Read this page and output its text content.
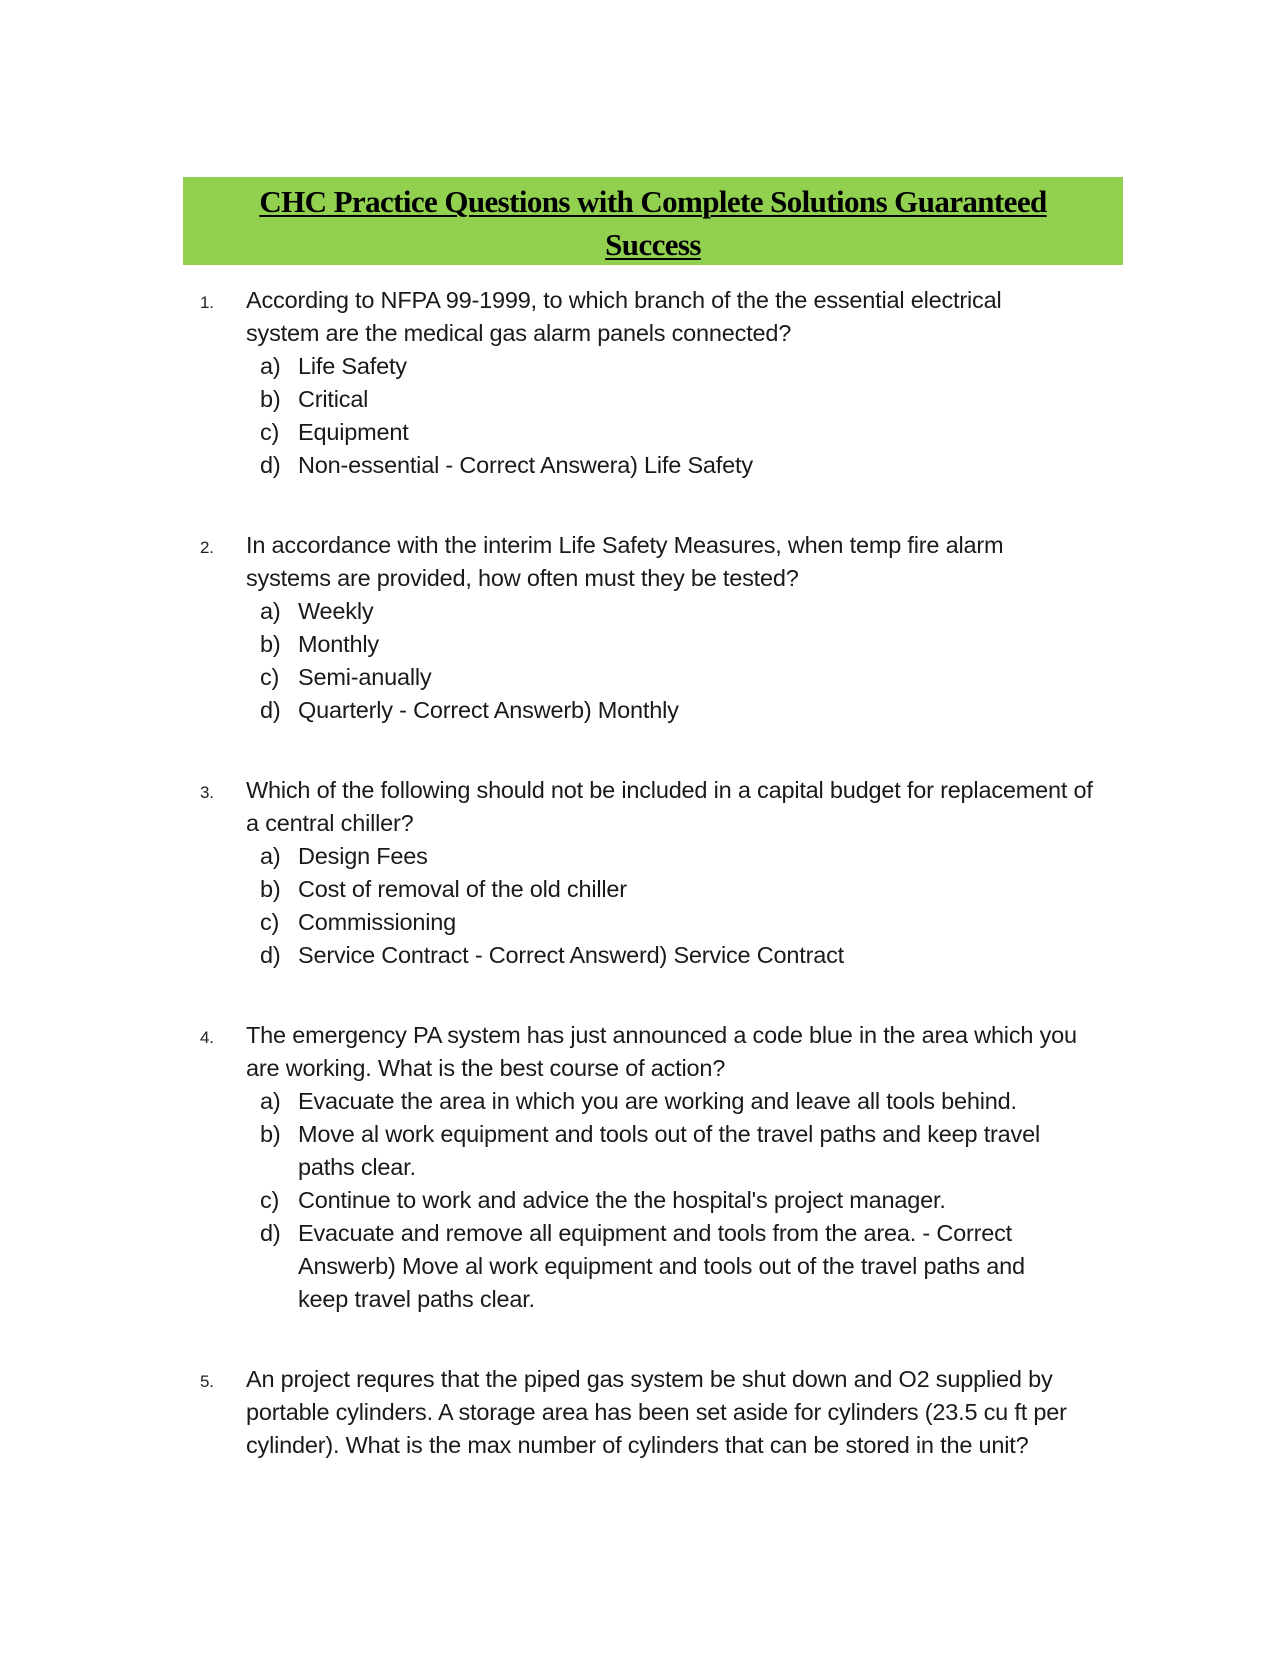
CHC Practice Questions with Complete Solutions Guaranteed
Success
1.	According to NFPA 99-1999, to which branch of the the essential electrical system are the medical gas alarm panels connected?
a) Life Safety
b) Critical
c) Equipment
d) Non-essential - Correct Answera) Life Safety
2.	In accordance with the interim Life Safety Measures, when temp fire alarm systems are provided, how often must they be tested?
a) Weekly
b) Monthly
c) Semi-anually
d) Quarterly - Correct Answerb) Monthly
3.	Which of the following should not be included in a capital budget for replacement of a central chiller?
a) Design Fees
b) Cost of removal of the old chiller
c) Commissioning
d) Service Contract - Correct Answerd) Service Contract
4.	The emergency PA system has just announced a code blue in the area which you are working. What is the best course of action?
a) Evacuate the area in which you are working and leave all tools behind.
b) Move al work equipment and tools out of the travel paths and keep travel paths clear.
c) Continue to work and advice the the hospital's project manager.
d) Evacuate and remove all equipment and tools from the area. - Correct Answerb) Move al work equipment and tools out of the travel paths and keep travel paths clear.
5.	An project requres that the piped gas system be shut down and O2 supplied by portable cylinders. A storage area has been set aside for cylinders (23.5 cu ft per cylinder). What is the max number of cylinders that can be stored in the unit?
